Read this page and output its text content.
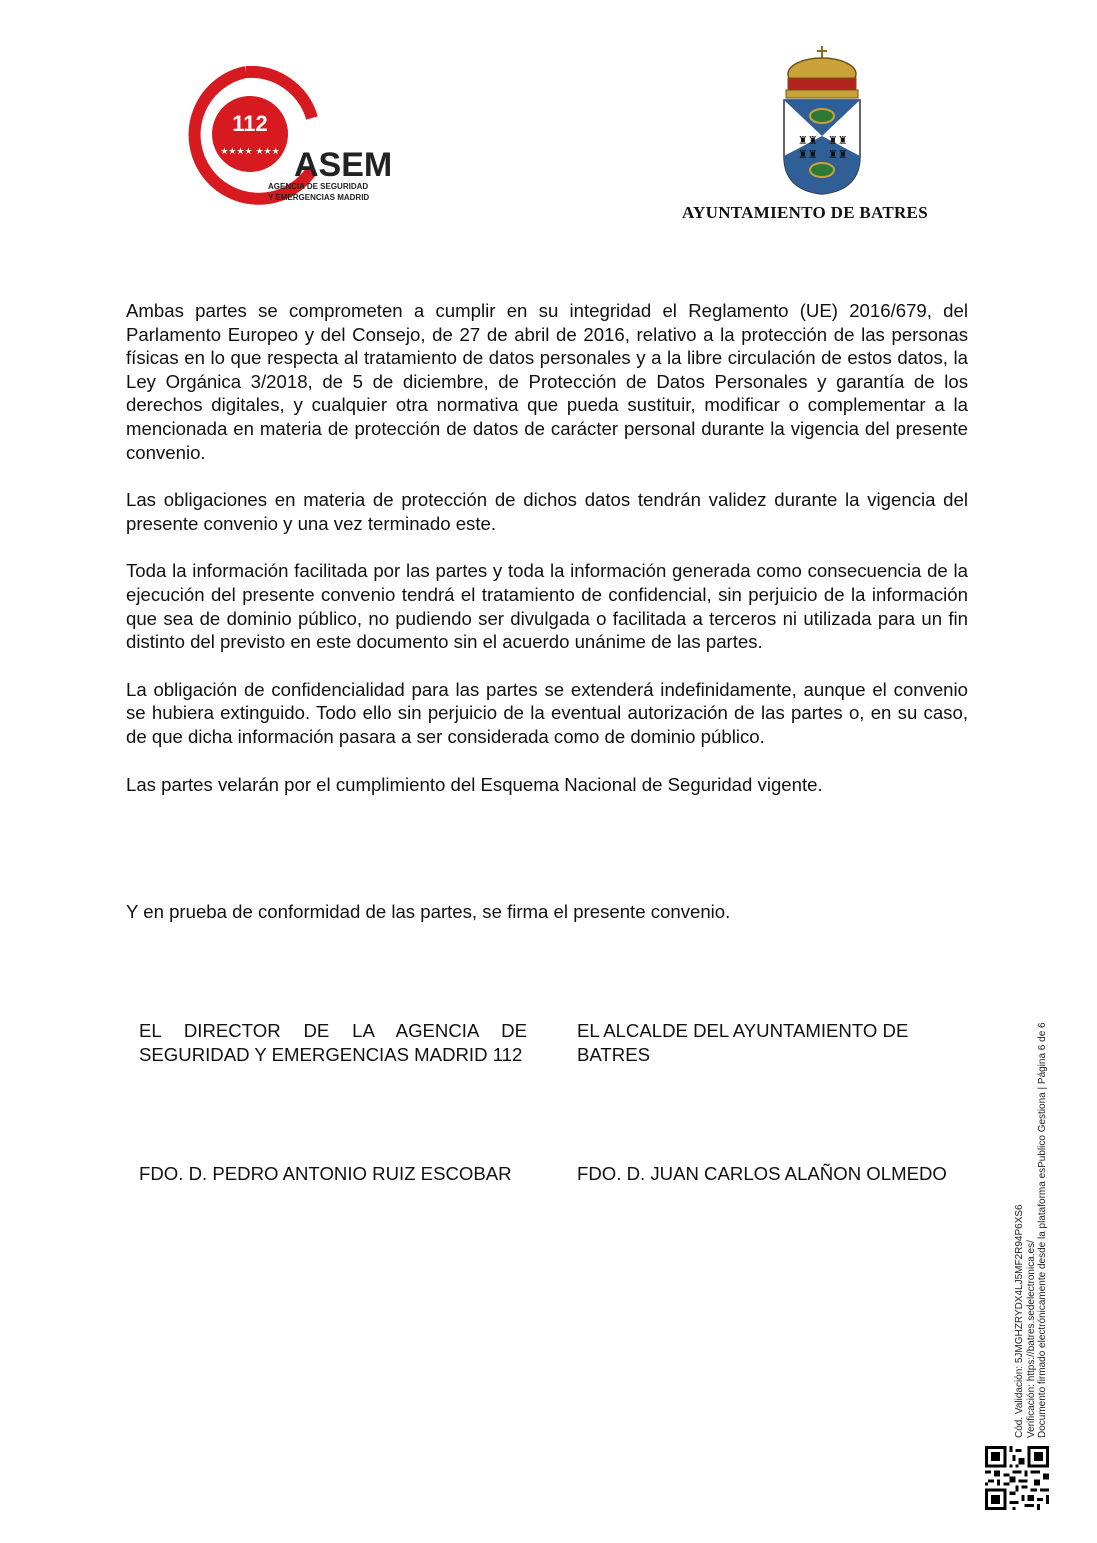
112
★★★★ ★★★ ASEM
AGENCIA DE SEGURIDAD
Y EMERGENCIAS MADRID
♜♜ ♜♜
♜♜ ♜♜
AYUNTAMIENTO DE BATRES

Ambas partes se comprometen a cumplir en su integridad el Reglamento (UE) 2016/679, del Parlamento Europeo y del Consejo, de 27 de abril de 2016, relativo a la protección de las personas físicas en lo que respecta al tratamiento de datos personales y a la libre circulación de estos datos, la Ley Orgánica 3/2018, de 5 de diciembre, de Protección de Datos Personales y garantía de los derechos digitales, y cualquier otra normativa que pueda sustituir, modificar o complementar a la mencionada en materia de protección de datos de carácter personal durante la vigencia del presente convenio.

Las obligaciones en materia de protección de dichos datos tendrán validez durante la vigencia del presente convenio y una vez terminado este.

Toda la información facilitada por las partes y toda la información generada como consecuencia de la ejecución del presente convenio tendrá el tratamiento de confidencial, sin perjuicio de la información que sea de dominio público, no pudiendo ser divulgada o facilitada a terceros ni utilizada para un fin distinto del previsto en este documento sin el acuerdo unánime de las partes.

La obligación de confidencialidad para las partes se extenderá indefinidamente, aunque el convenio se hubiera extinguido. Todo ello sin perjuicio de la eventual autorización de las partes o, en su caso, de que dicha información pasara a ser considerada como de dominio público.

Las partes velarán por el cumplimiento del Esquema Nacional de Seguridad vigente.

Y en prueba de conformidad de las partes, se firma el presente convenio.
EL DIRECTOR DE LA AGENCIA DE SEGURIDAD Y EMERGENCIAS MADRID 112
EL ALCALDE DEL AYUNTAMIENTO DE BATRES
FDO. D. PEDRO ANTONIO RUIZ ESCOBAR	FDO. D. JUAN CARLOS ALAÑON OLMEDO
Cód. Validación: 5JMGHZRYDX4LJ5MF2R94P6XS6 Verificación: https://batres.sedelectronica.es/ Documento firmado electrónicamente desde la plataforma esPublico Gestiona | Página 6 de 6
